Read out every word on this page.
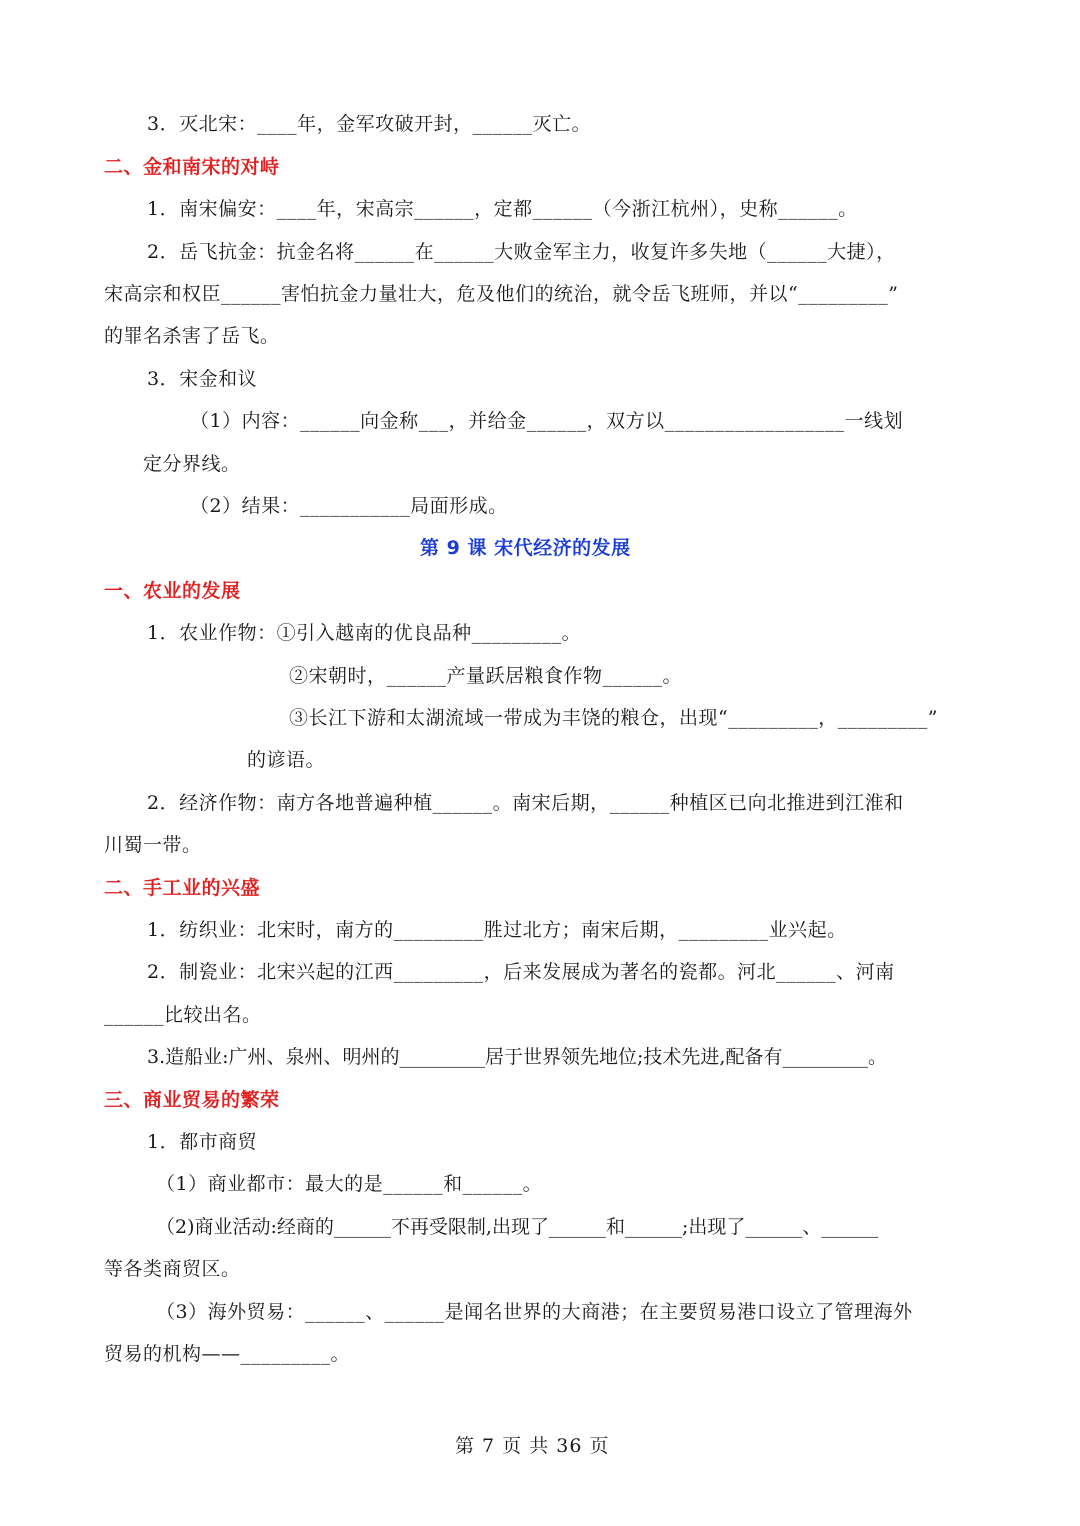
3．灭北宋：____年，金军攻破开封，______灭亡。
二、金和南宋的对峙
1．南宋偏安：____年，宋高宗______，定都______（今浙江杭州），史称______。
2．岳飞抗金：抗金名将______在______大败金军主力，收复许多失地（______大捷），
宋高宗和权臣______害怕抗金力量壮大，危及他们的统治，就令岳飞班师，并以“_________”
的罪名杀害了岳飞。
3．宋金和议
（1）内容：______向金称___，并给金______，双方以__________________一线划
定分界线。
（2）结果：___________局面形成。
第 9 课 宋代经济的发展
一、农业的发展
1．农业作物：①引入越南的优良品种_________。
②宋朝时，______产量跃居粮食作物______。
③长江下游和太湖流域一带成为丰饶的粮仓，出现“_________，_________”
的谚语。
2．经济作物：南方各地普遍种植______。南宋后期，______种植区已向北推进到江淮和
川蜀一带。
二、手工业的兴盛
1．纺织业：北宋时，南方的_________胜过北方；南宋后期，_________业兴起。
2．制瓷业：北宋兴起的江西_________，后来发展成为著名的瓷都。河北______、河南
______比较出名。
3.造船业:广州、泉州、明州的_________居于世界领先地位;技术先进,配备有_________。
三、商业贸易的繁荣
1．都市商贸
（1）商业都市：最大的是______和______。
（2)商业活动:经商的______不再受限制,出现了______和______;出现了______、______
等各类商贸区。
（3）海外贸易：______、______是闻名世界的大商港；在主要贸易港口设立了管理海外
贸易的机构——_________。
第 7 页 共 36 页
